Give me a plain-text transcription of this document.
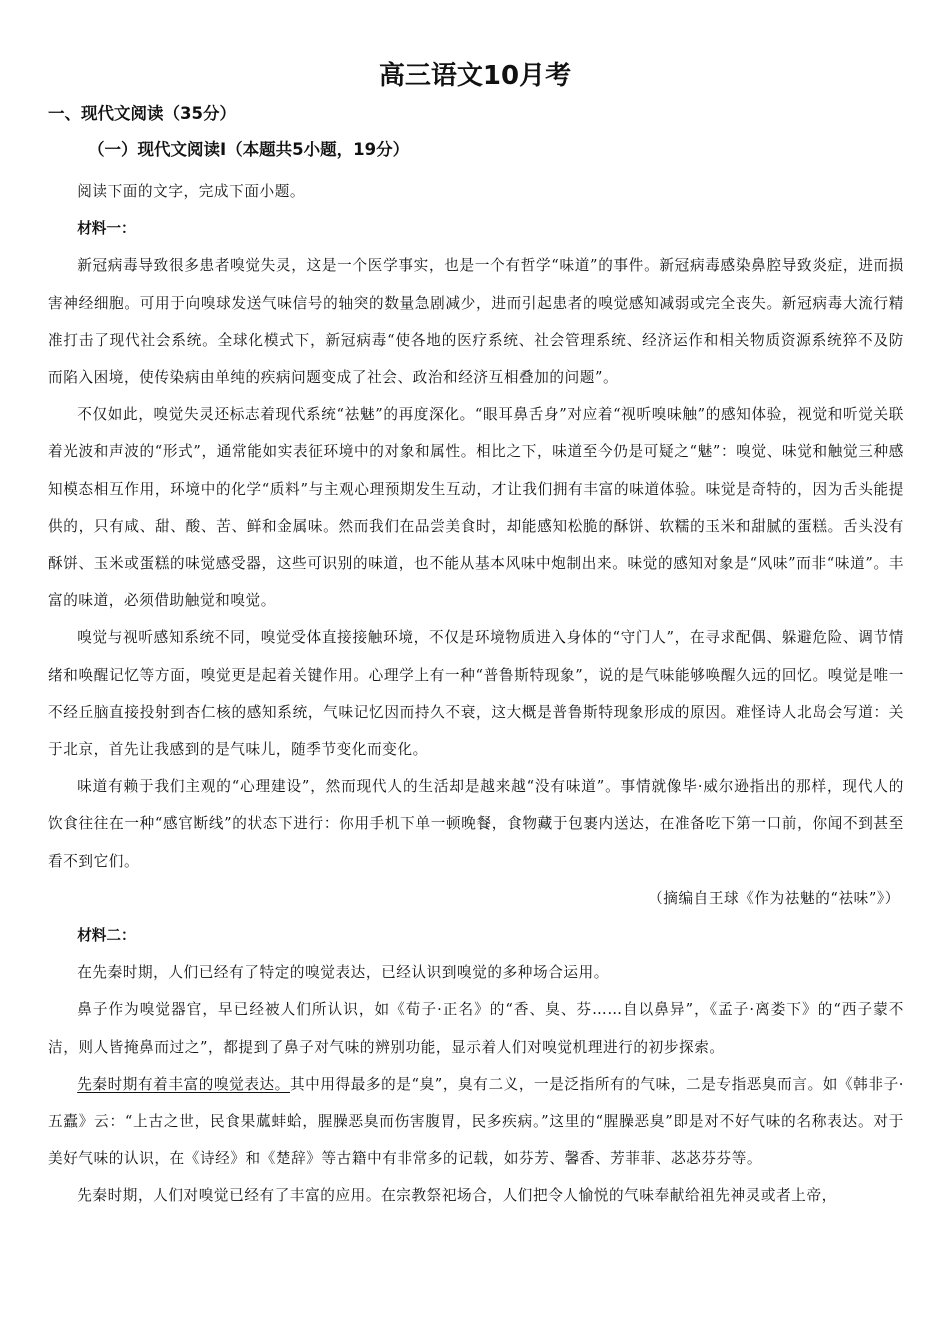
高三语文10月考
一、现代文阅读（35分）
（一）现代文阅读Ⅰ（本题共5小题，19分）

阅读下面的文字，完成下面小题。

材料一：

新冠病毒导致很多患者嗅觉失灵，这是一个医学事实，也是一个有哲学“味道”的事件。新冠病毒感染鼻腔导致炎症，进而损害神经细胞。可用于向嗅球发送气味信号的轴突的数量急剧减少，进而引起患者的嗅觉感知减弱或完全丧失。新冠病毒大流行精准打击了现代社会系统。全球化模式下，新冠病毒“使各地的医疗系统、社会管理系统、经济运作和相关物质资源系统猝不及防而陷入困境，使传染病由单纯的疾病问题变成了社会、政治和经济互相叠加的问题”。

不仅如此，嗅觉失灵还标志着现代系统“祛魅”的再度深化。“眼耳鼻舌身”对应着“视听嗅味触”的感知体验，视觉和听觉关联着光波和声波的“形式”，通常能如实表征环境中的对象和属性。相比之下，味道至今仍是可疑之“魅”：嗅觉、味觉和触觉三种感知模态相互作用，环境中的化学“质料”与主观心理预期发生互动，才让我们拥有丰富的味道体验。味觉是奇特的，因为舌头能提供的，只有咸、甜、酸、苦、鲜和金属味。然而我们在品尝美食时，却能感知松脆的酥饼、软糯的玉米和甜腻的蛋糕。舌头没有酥饼、玉米或蛋糕的味觉感受器，这些可识别的味道，也不能从基本风味中炮制出来。味觉的感知对象是“风味”而非“味道”。丰富的味道，必须借助触觉和嗅觉。

嗅觉与视听感知系统不同，嗅觉受体直接接触环境，不仅是环境物质进入身体的“守门人”，在寻求配偶、躲避危险、调节情绪和唤醒记忆等方面，嗅觉更是起着关键作用。心理学上有一种“普鲁斯特现象”，说的是气味能够唤醒久远的回忆。嗅觉是唯一不经丘脑直接投射到杏仁核的感知系统，气味记忆因而持久不衰，这大概是普鲁斯特现象形成的原因。难怪诗人北岛会写道：关于北京，首先让我感到的是气味儿，随季节变化而变化。

味道有赖于我们主观的“心理建设”，然而现代人的生活却是越来越“没有味道”。事情就像毕·威尔逊指出的那样，现代人的饮食往往在一种“感官断线”的状态下进行：你用手机下单一顿晚餐，食物藏于包裹内送达，在准备吃下第一口前，你闻不到甚至看不到它们。

（摘编自王球《作为祛魅的“祛味”》）

材料二：

在先秦时期，人们已经有了特定的嗅觉表达，已经认识到嗅觉的多种场合运用。

鼻子作为嗅觉器官，早已经被人们所认识，如《荀子·正名》的“香、臭、芬……自以鼻异”，《孟子·离娄下》的“西子蒙不洁，则人皆掩鼻而过之”，都提到了鼻子对气味的辨别功能，显示着人们对嗅觉机理进行的初步探索。

先秦时期有着丰富的嗅觉表达。其中用得最多的是“臭”，臭有二义，一是泛指所有的气味，二是专指恶臭而言。如《韩非子·五蠹》云：“上古之世，民食果蓏蚌蛤，腥臊恶臭而伤害腹胃，民多疾病。”这里的“腥臊恶臭”即是对不好气味的名称表达。对于美好气味的认识，在《诗经》和《楚辞》等古籍中有非常多的记载，如芬芳、馨香、芳菲菲、苾苾芬芬等。

先秦时期，人们对嗅觉已经有了丰富的应用。在宗教祭祀场合，人们把令人愉悦的气味奉献给祖先神灵或者上帝，
